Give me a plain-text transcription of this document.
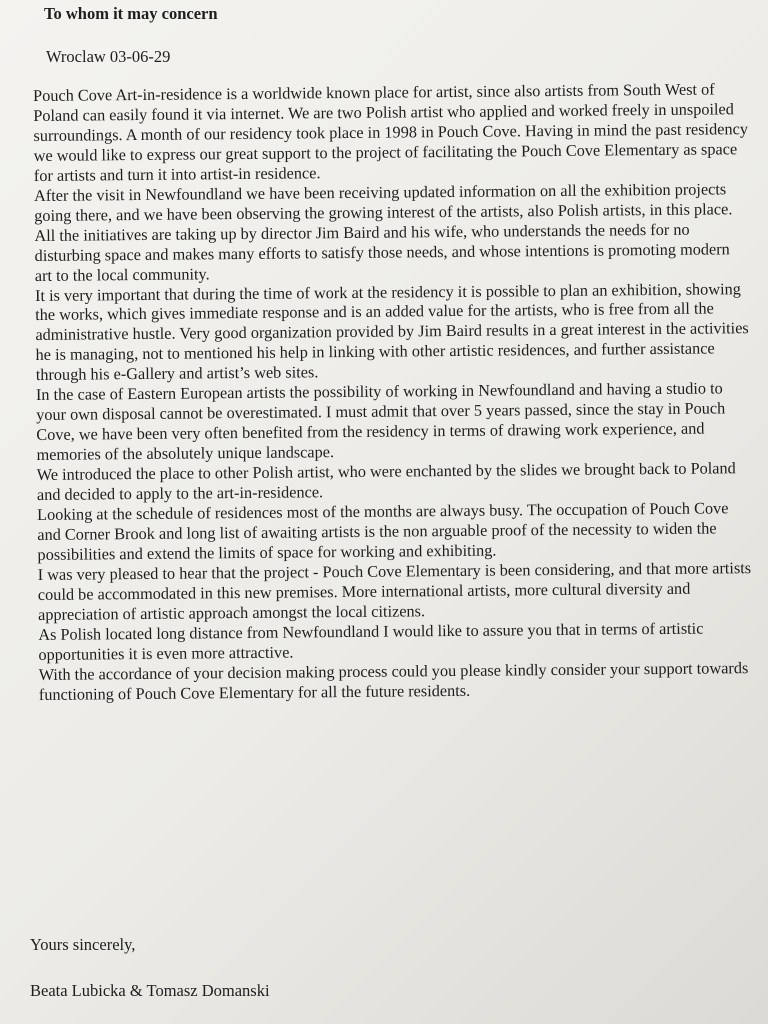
To whom it may concern

Wroclaw 03-06-29

Pouch Cove Art-in-residence is a worldwide known place for artist, since also artists from South West of Poland can easily found it via internet. We are two Polish artist who applied and worked freely in unspoiled surroundings. A month of our residency took place in 1998 in Pouch Cove. Having in mind the past residency we would like to express our great support to the project of facilitating the Pouch Cove Elementary as space for artists and turn it into artist-in residence.

After the visit in Newfoundland we have been receiving updated information on all the exhibition projects going there, and we have been observing the growing interest of the artists, also Polish artists, in this place. All the initiatives are taking up by director Jim Baird and his wife, who understands the needs for no disturbing space and makes many efforts to satisfy those needs, and whose intentions is promoting modern art to the local community.

It is very important that during the time of work at the residency it is possible to plan an exhibition, showing the works, which gives immediate response and is an added value for the artists, who is free from all the administrative hustle. Very good organization provided by Jim Baird results in a great interest in the activities he is managing, not to mentioned his help in linking with other artistic residences, and further assistance through his e-Gallery and artist’s web sites.

In the case of Eastern European artists the possibility of working in Newfoundland and having a studio to your own disposal cannot be overestimated. I must admit that over 5 years passed, since the stay in Pouch Cove, we have been very often benefited from the residency in terms of drawing work experience, and memories of the absolutely unique landscape.

We introduced the place to other Polish artist, who were enchanted by the slides we brought back to Poland and decided to apply to the art-in-residence.

Looking at the schedule of residences most of the months are always busy. The occupation of Pouch Cove and Corner Brook and long list of awaiting artists is the non arguable proof of the necessity to widen the possibilities and extend the limits of space for working and exhibiting.

I was very pleased to hear that the project - Pouch Cove Elementary is been considering, and that more artists could be accommodated in this new premises. More international artists, more cultural diversity and appreciation of artistic approach amongst the local citizens.

As Polish located long distance from Newfoundland I would like to assure you that in terms of artistic opportunities it is even more attractive.

With the accordance of your decision making process could you please kindly consider your support towards functioning of Pouch Cove Elementary for all the future residents.

Yours sincerely,

Beata Lubicka & Tomasz Domanski
